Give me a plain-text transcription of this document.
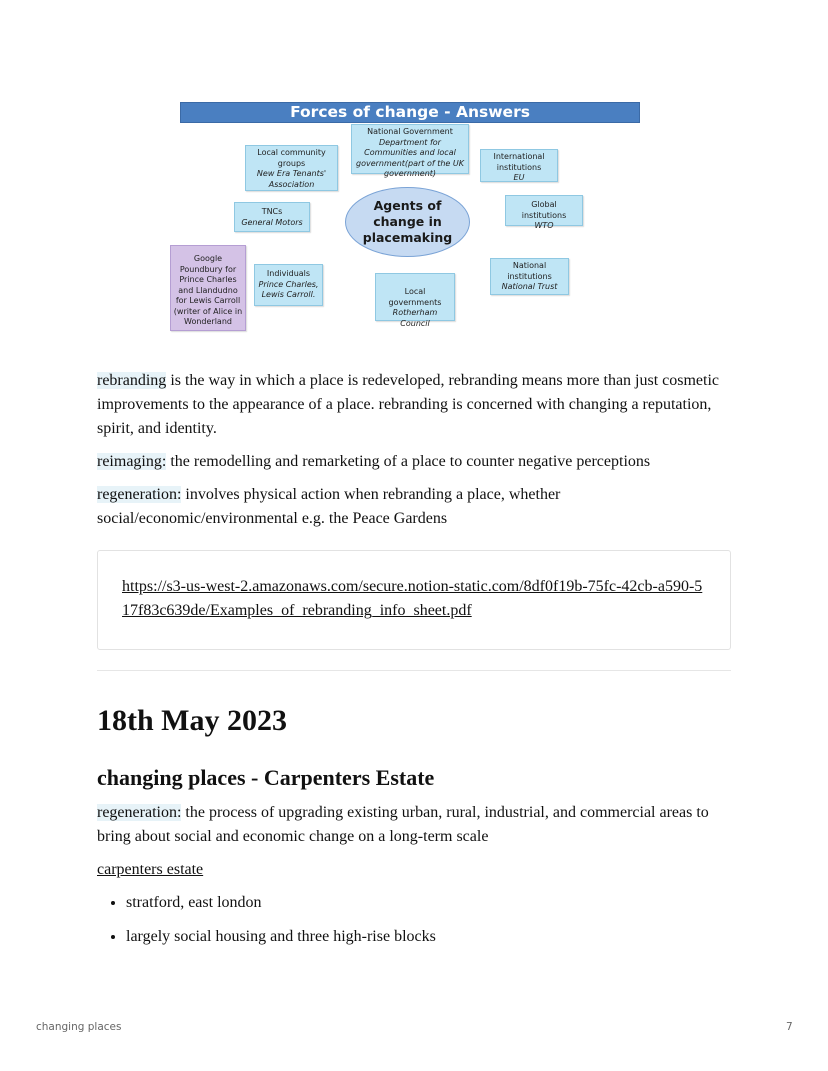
Forces of change - Answers
National Government
Department for Communities and local government(part of the UK government)
Local community groups
New Era Tenants' Association
International institutions
EU
Agents of change in placemaking
TNCs
General Motors
Global institutions
WTO
Google Poundbury for Prince Charles and Llandudno for Lewis Carroll (writer of Alice in Wonderland
Individuals
Prince Charles, Lewis Carroll.	Local governments
Rotherham Council
National institutions
National Trust

rebranding is the way in which a place is redeveloped, rebranding means more than just cosmetic improvements to the appearance of a place. rebranding is concerned with changing a reputation, spirit, and identity.

reimaging: the remodelling and remarketing of a place to counter negative perceptions

regeneration: involves physical action when rebranding a place, whether social/economic/environmental e.g. the Peace Gardens

https://s3-us-west-2.amazonaws.com/secure.notion-static.com/8df0f19b-75fc-42cb-a590-517f83c639de/Examples_of_rebranding_info_sheet.pdf
18th May 2023
changing places - Carpenters Estate

regeneration: the process of upgrading existing urban, rural, industrial, and commercial areas to bring about social and economic change on a long-term scale

carpenters estate

• stratford, east london
• largely social housing and three high-rise blocks
changing places	7
